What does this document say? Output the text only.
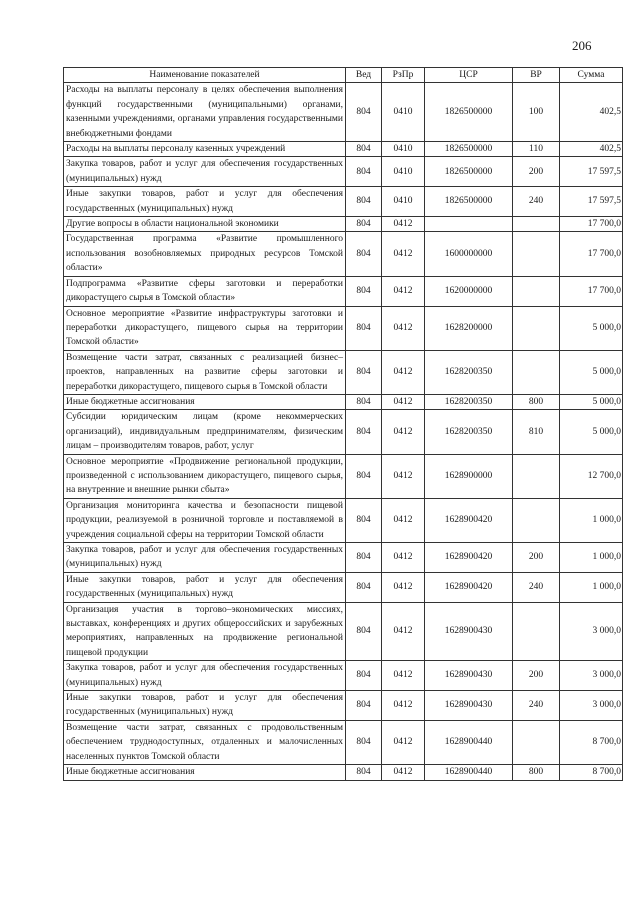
206
Наименование показателей	Вед	РзПр	ЦСР	ВР	Сумма
Расходы на выплаты персоналу в целях обеспечения выполнения функций государственными (муниципальными) органами, казенными учреждениями, органами управления государственными внебюджетными фондами	804	0410	1826500000	100	402,5
Расходы на выплаты персоналу казенных учреждений	804	0410	1826500000	110	402,5
Закупка товаров, работ и услуг для обеспечения государственных (муниципальных) нужд	804	0410	1826500000	200	17 597,5
Иные закупки товаров, работ и услуг для обеспечения государственных (муниципальных) нужд	804	0410	1826500000	240	17 597,5
Другие вопросы в области национальной экономики	804	0412			17 700,0
Государственная программа «Развитие промышленного использования возобновляемых природных ресурсов Томской области»	804	0412	1600000000		17 700,0
Подпрограмма «Развитие сферы заготовки и переработки дикорастущего сырья в Томской области»	804	0412	1620000000		17 700,0
Основное мероприятие «Развитие инфраструктуры заготовки и переработки дикорастущего, пищевого сырья на территории Томской области»	804	0412	1628200000		5 000,0
Возмещение части затрат, связанных с реализацией бизнес–проектов, направленных на развитие сферы заготовки и переработки дикорастущего, пищевого сырья в Томской области	804	0412	1628200350		5 000,0
Иные бюджетные ассигнования	804	0412	1628200350	800	5 000,0
Субсидии юридическим лицам (кроме некоммерческих организаций), индивидуальным предпринимателям, физическим лицам – производителям товаров, работ, услуг	804	0412	1628200350	810	5 000,0
Основное мероприятие «Продвижение региональной продукции, произведенной с использованием дикорастущего, пищевого сырья, на внутренние и внешние рынки сбыта»	804	0412	1628900000		12 700,0
Организация мониторинга качества и безопасности пищевой продукции, реализуемой в розничной торговле и поставляемой в учреждения социальной сферы на территории Томской области	804	0412	1628900420		1 000,0
Закупка товаров, работ и услуг для обеспечения государственных (муниципальных) нужд	804	0412	1628900420	200	1 000,0
Иные закупки товаров, работ и услуг для обеспечения государственных (муниципальных) нужд	804	0412	1628900420	240	1 000,0
Организация участия в торгово–экономических миссиях, выставках, конференциях и других общероссийских и зарубежных мероприятиях, направленных на продвижение региональной пищевой продукции	804	0412	1628900430		3 000,0
Закупка товаров, работ и услуг для обеспечения государственных (муниципальных) нужд	804	0412	1628900430	200	3 000,0
Иные закупки товаров, работ и услуг для обеспечения государственных (муниципальных) нужд	804	0412	1628900430	240	3 000,0
Возмещение части затрат, связанных с продовольственным обеспечением труднодоступных, отдаленных и малочисленных населенных пунктов Томской области	804	0412	1628900440		8 700,0
Иные бюджетные ассигнования	804	0412	1628900440	800	8 700,0
